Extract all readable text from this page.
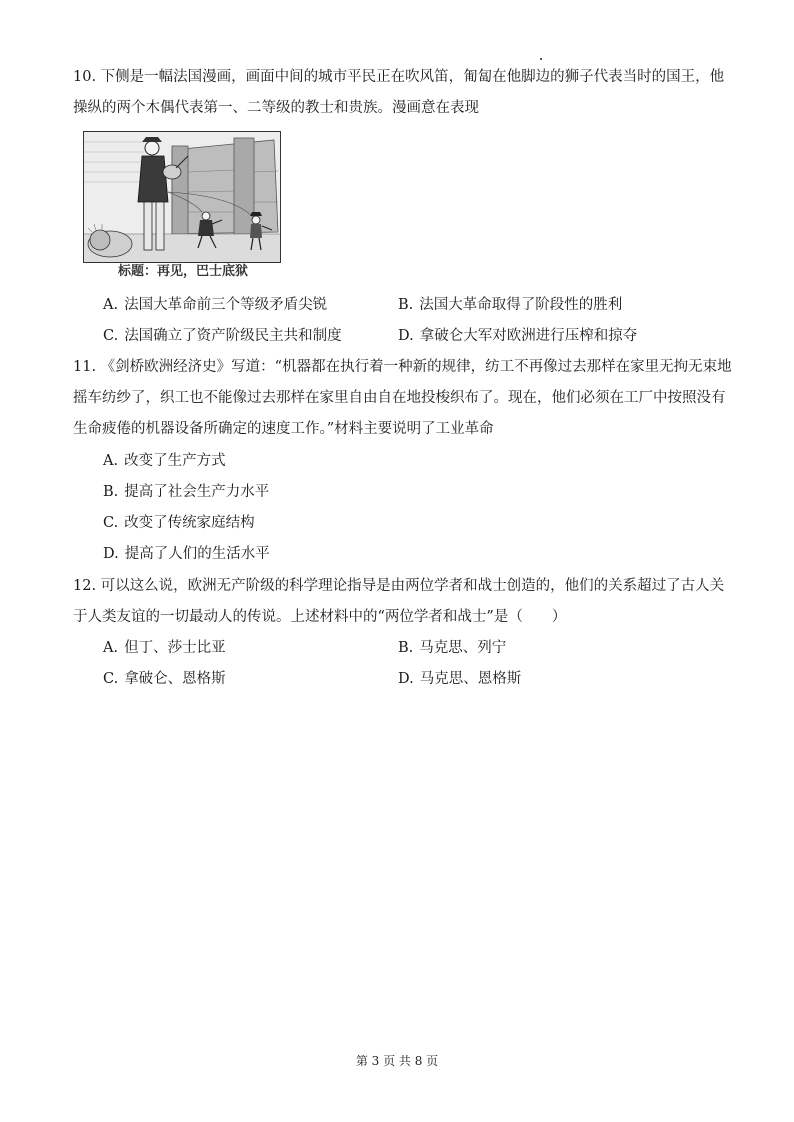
10. 下侧是一幅法国漫画，画面中间的城市平民正在吹风笛，匍匐在他脚边的狮子代表当时的国王，他
操纵的两个木偶代表第一、二等级的教士和贵族。漫画意在表现
标题：再见，巴士底狱
A. 法国大革命前三个等级矛盾尖锐	B. 法国大革命取得了阶段性的胜利
C. 法国确立了资产阶级民主共和制度	D. 拿破仑大军对欧洲进行压榨和掠夺
11. 《剑桥欧洲经济史》写道：“机器都在执行着一种新的规律，纺工不再像过去那样在家里无拘无束地
摇车纺纱了，织工也不能像过去那样在家里自由自在地投梭织布了。现在，他们必须在工厂中按照没有
生命疲倦的机器设备所确定的速度工作。”材料主要说明了工业革命
A. 改变了生产方式
B. 提高了社会生产力水平
C. 改变了传统家庭结构
D. 提高了人们的生活水平
12. 可以这么说，欧洲无产阶级的科学理论指导是由两位学者和战士创造的，他们的关系超过了古人关
于人类友谊的一切最动人的传说。上述材料中的“两位学者和战士”是（　　）
A. 但丁、莎士比亚	B. 马克思、列宁
C. 拿破仑、恩格斯	D. 马克思、恩格斯
第 3 页 共 8 页
